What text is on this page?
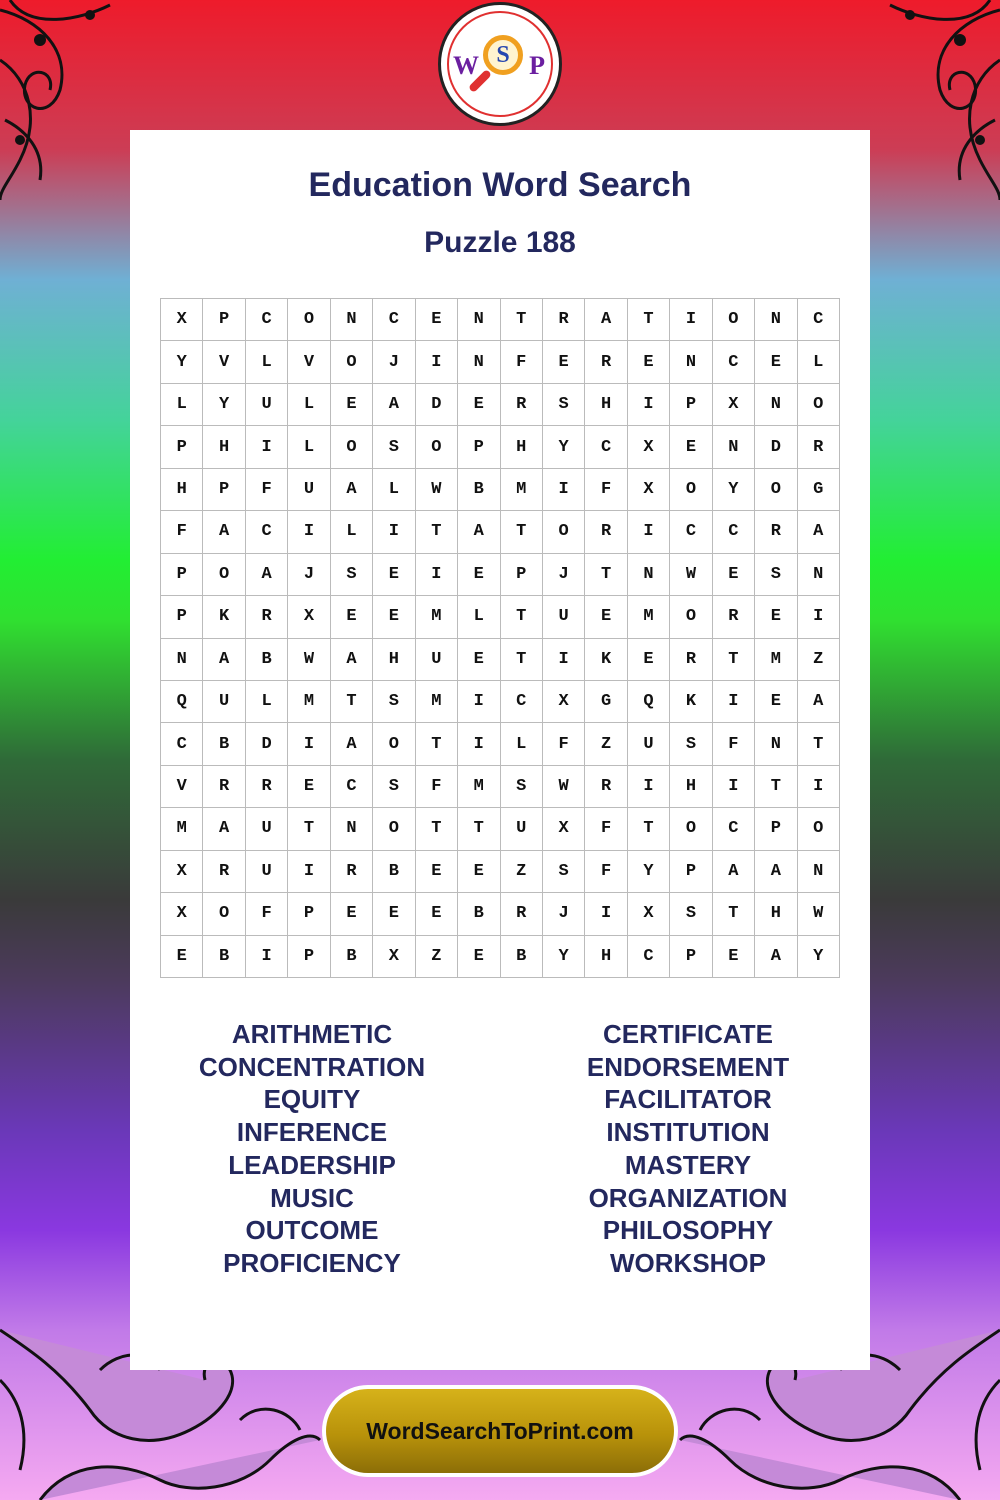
W S P
Education Word Search
Puzzle 188
X	P	C	O	N	C	E	N	T	R	A	T	I	O	N	C
Y	V	L	V	O	J	I	N	F	E	R	E	N	C	E	L
L	Y	U	L	E	A	D	E	R	S	H	I	P	X	N	O
P	H	I	L	O	S	O	P	H	Y	C	X	E	N	D	R
H	P	F	U	A	L	W	B	M	I	F	X	O	Y	O	G
F	A	C	I	L	I	T	A	T	O	R	I	C	C	R	A
P	O	A	J	S	E	I	E	P	J	T	N	W	E	S	N
P	K	R	X	E	E	M	L	T	U	E	M	O	R	E	I
N	A	B	W	A	H	U	E	T	I	K	E	R	T	M	Z
Q	U	L	M	T	S	M	I	C	X	G	Q	K	I	E	A
C	B	D	I	A	O	T	I	L	F	Z	U	S	F	N	T
V	R	R	E	C	S	F	M	S	W	R	I	H	I	T	I
M	A	U	T	N	O	T	T	U	X	F	T	O	C	P	O
X	R	U	I	R	B	E	E	Z	S	F	Y	P	A	A	N
X	O	F	P	E	E	E	B	R	J	I	X	S	T	H	W
E	B	I	P	B	X	Z	E	B	Y	H	C	P	E	A	Y
ARITHMETIC
CONCENTRATION
EQUITY
INFERENCE
LEADERSHIP
MUSIC
OUTCOME
PROFICIENCY
CERTIFICATE
ENDORSEMENT
FACILITATOR
INSTITUTION
MASTERY
ORGANIZATION
PHILOSOPHY
WORKSHOP
WordSearchToPrint.com
